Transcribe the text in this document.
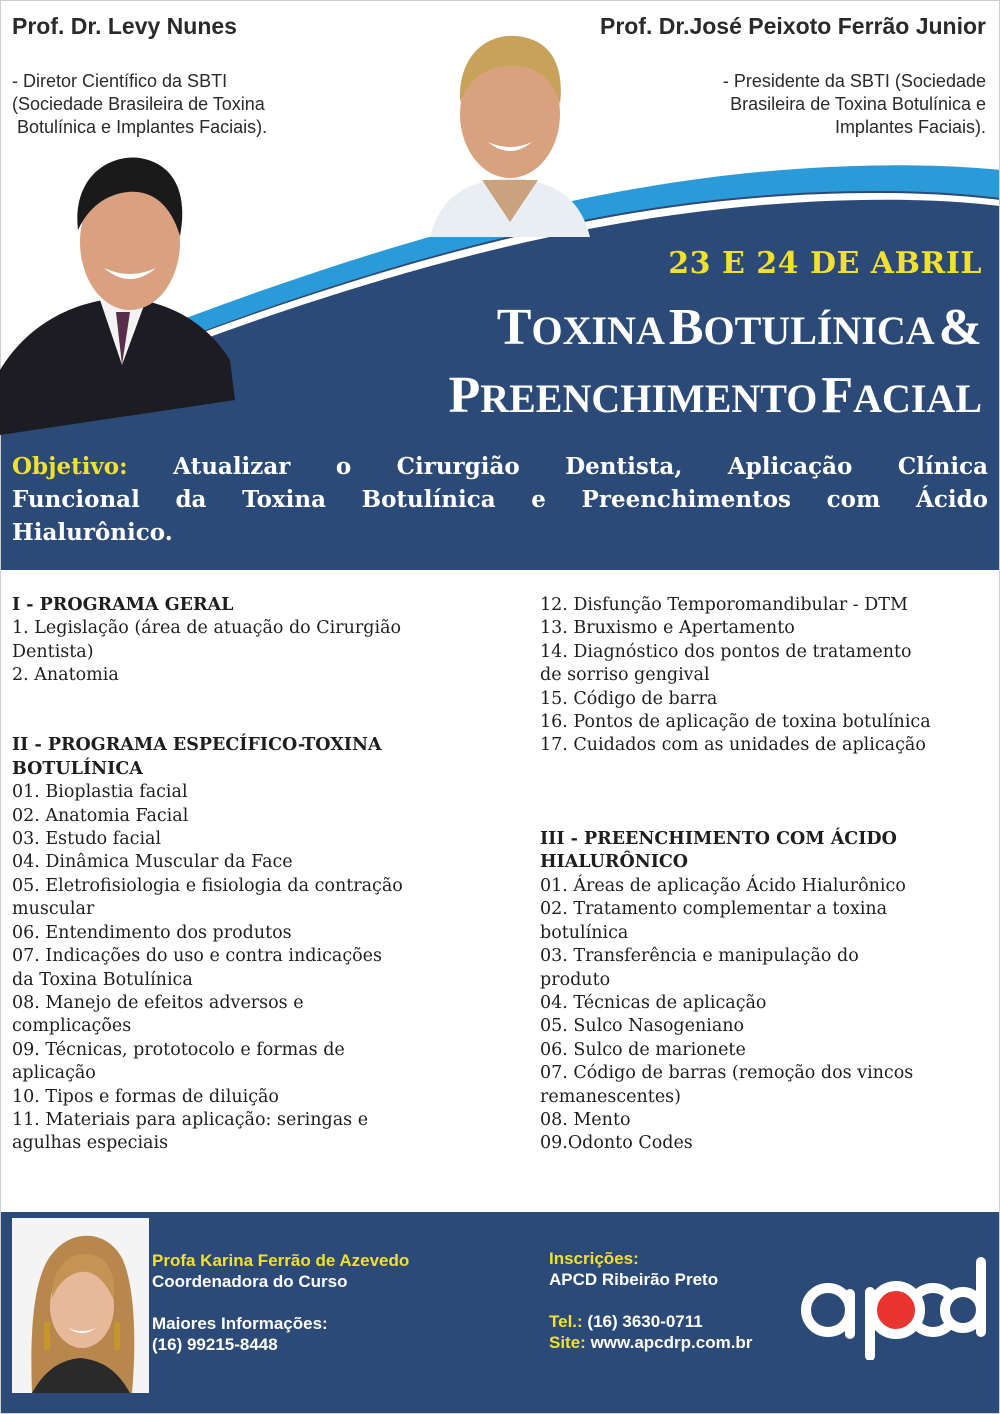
Prof. Dr. Levy Nunes
- Diretor Científico da SBTI
(Sociedade Brasileira de Toxina
Botulínica e Implantes Faciais).
Prof. Dr.José Peixoto Ferrão Junior
- Presidente da SBTI (Sociedade
Brasileira de Toxina Botulínica e
Implantes Faciais).
23 E 24 DE ABRIL
TOXINA BOTULÍNICA &
PREENCHIMENTO FACIAL
Objetivo: Atualizar o Cirurgião Dentista, Aplicação Clínica
Funcional da Toxina Botulínica e Preenchimentos com Ácido
Hialurônico.
I - PROGRAMA GERAL
1. Legislação (área de atuação do Cirurgião
Dentista)
2. Anatomia

II - PROGRAMA ESPECÍFICO-TOXINA
BOTULÍNICA
01. Bioplastia facial
02. Anatomia Facial
03. Estudo facial
04. Dinâmica Muscular da Face
05. Eletrofisiologia e fisiologia da contração
muscular
06. Entendimento dos produtos
07. Indicações do uso e contra indicações
da Toxina Botulínica
08. Manejo de efeitos adversos e
complicações
09. Técnicas, prototocolo e formas de
aplicação
10. Tipos e formas de diluição
11. Materiais para aplicação: seringas e
agulhas especiais
12. Disfunção Temporomandibular - DTM
13. Bruxismo e Apertamento
14. Diagnóstico dos pontos de tratamento
de sorriso gengival
15. Código de barra
16. Pontos de aplicação de toxina botulínica
17. Cuidados com as unidades de aplicação

III - PREENCHIMENTO COM ÁCIDO
HIALURÔNICO
01. Áreas de aplicação Ácido Hialurônico
02. Tratamento complementar a toxina
botulínica
03. Transferência e manipulação do
produto
04. Técnicas de aplicação
05. Sulco Nasogeniano
06. Sulco de marionete
07. Código de barras (remoção dos vincos
remanescentes)
08. Mento
09.Odonto Codes
Profa Karina Ferrão de Azevedo
Coordenadora do Curso
Maiores Informações:
(16) 99215-8448
Inscrições:
APCD Ribeirão Preto
Tel.: (16) 3630-0711
Site: www.apcdrp.com.br
